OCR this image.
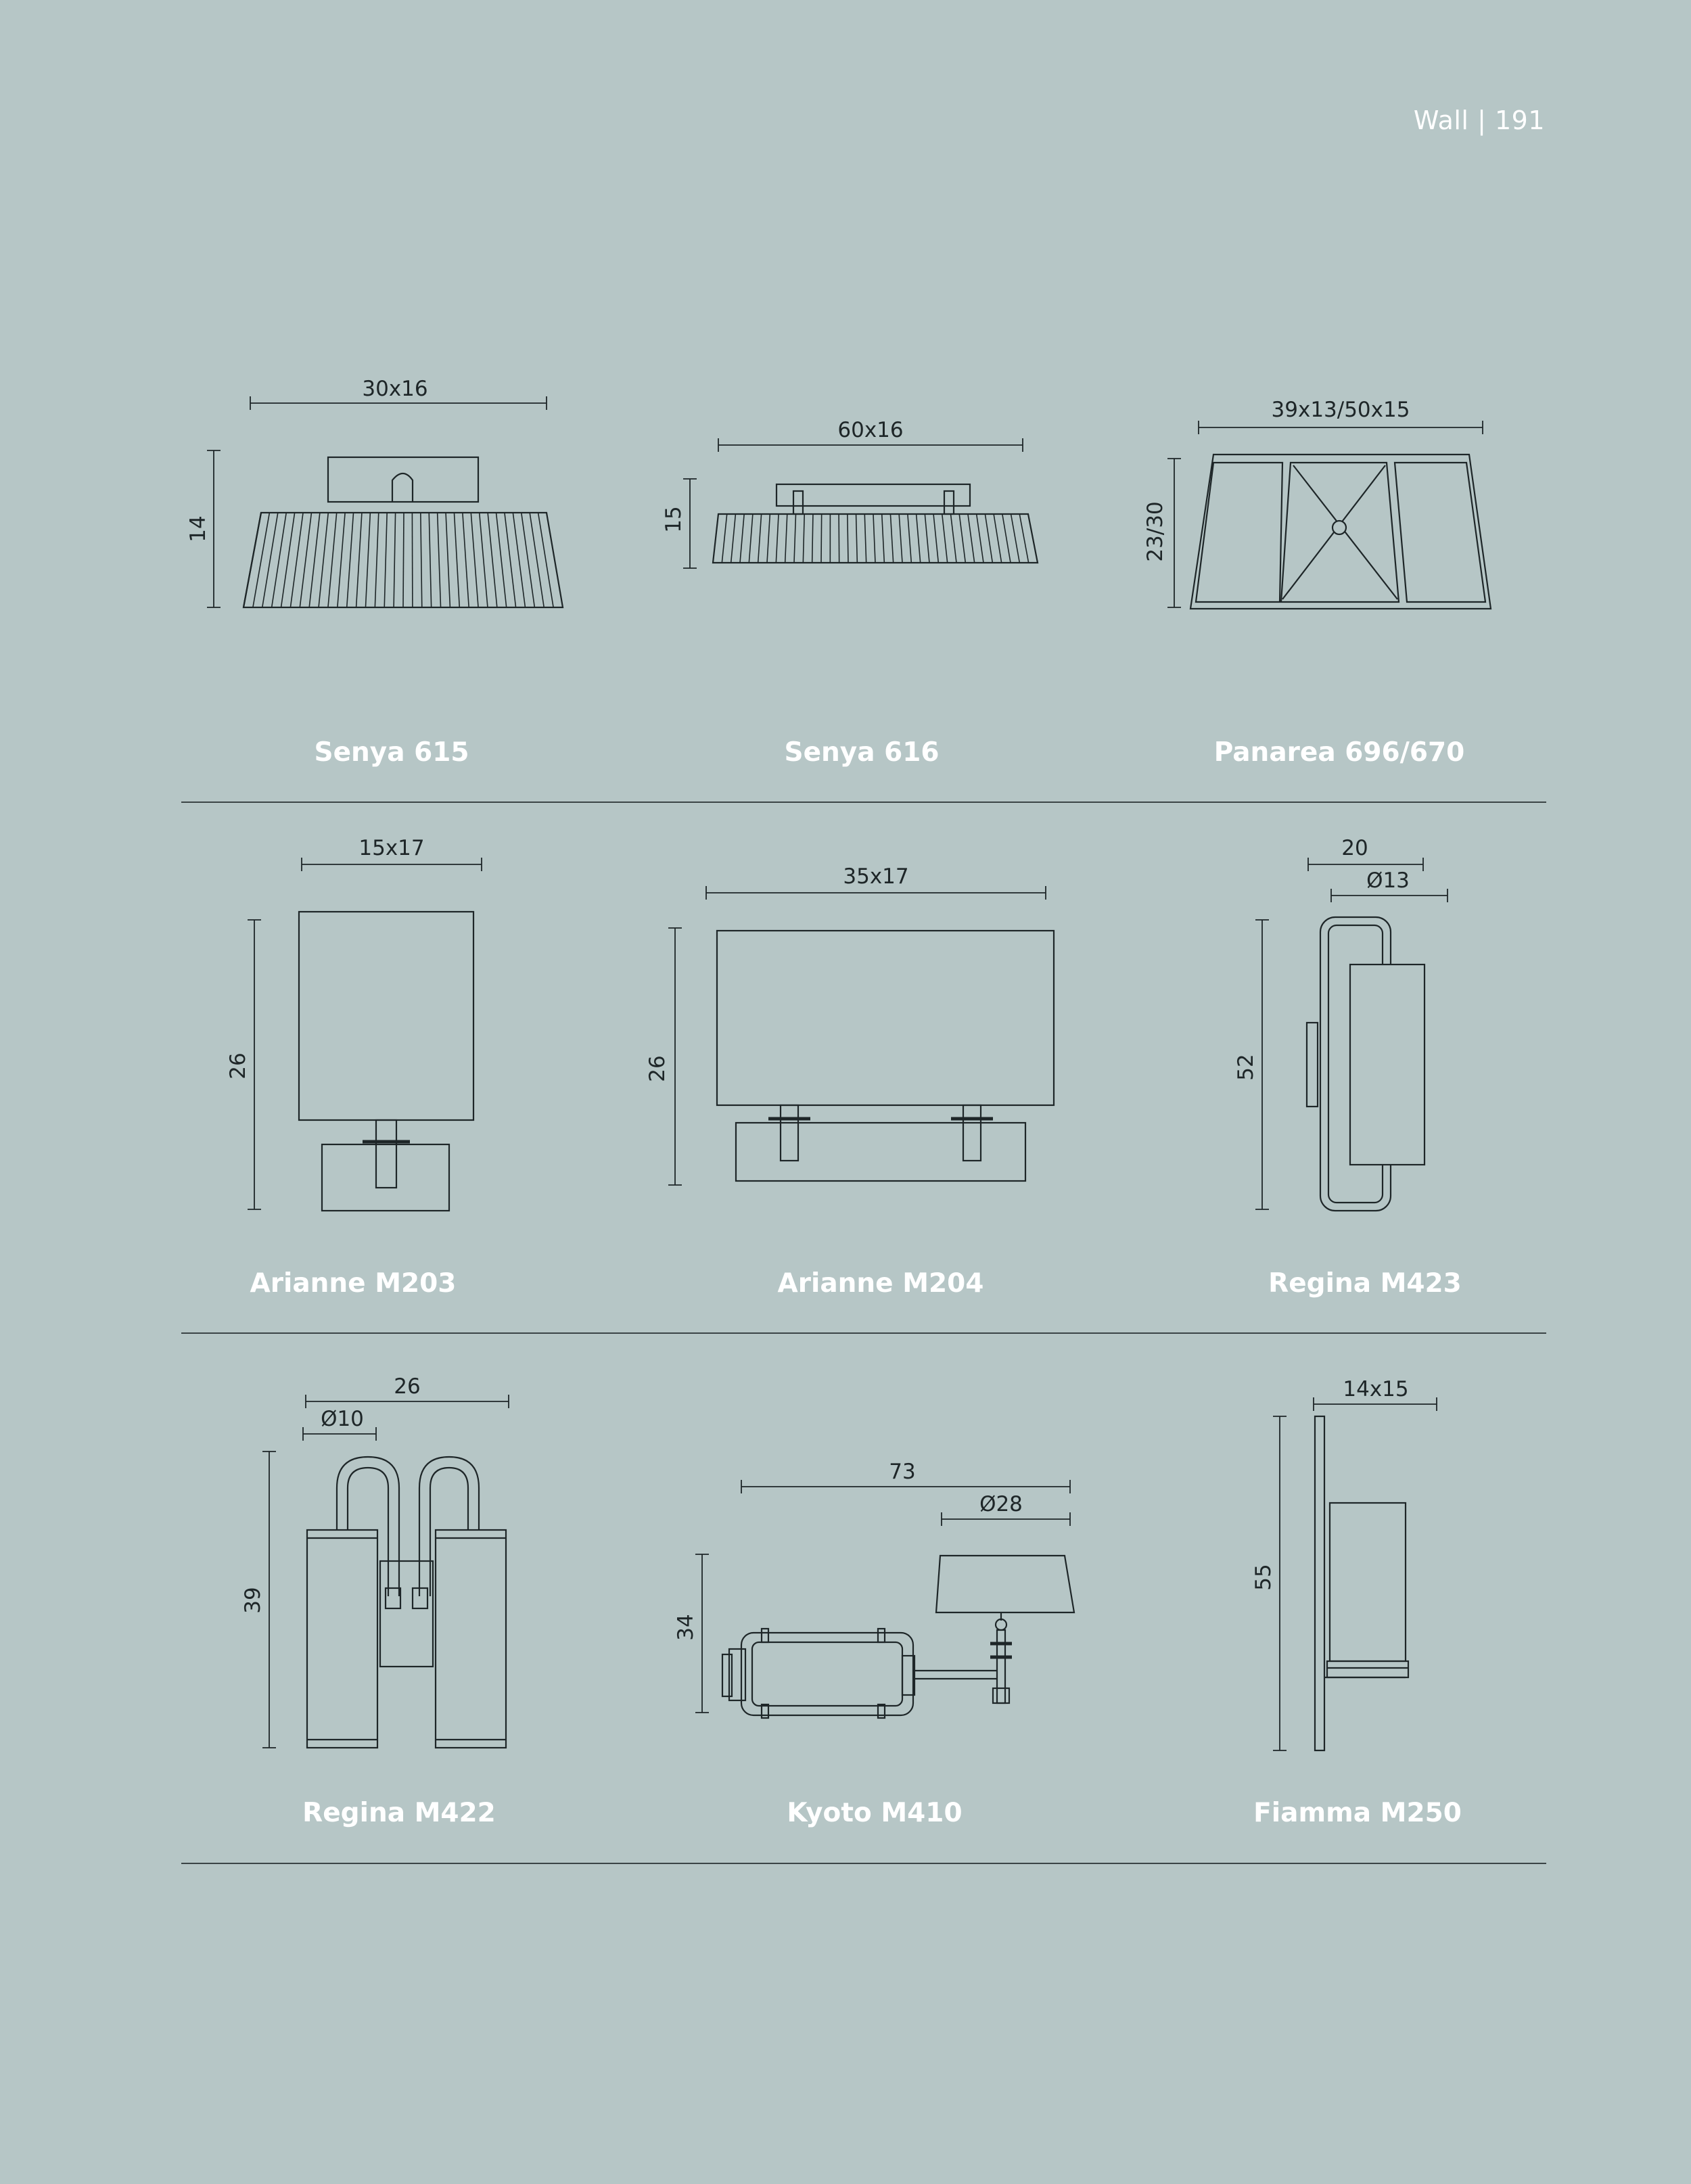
Wall | 191
30x16
14
60x16
15
39x13/50x15
23/30
15x17
26
35x17
26
20
Ø13
52
26
Ø10
39
73
Ø28
34
14x15
55
Senya 615	Senya 616	Panarea 696/670
Arianne M203	Arianne M204	Regina M423
Regina M422	Kyoto M410	Fiamma M250
